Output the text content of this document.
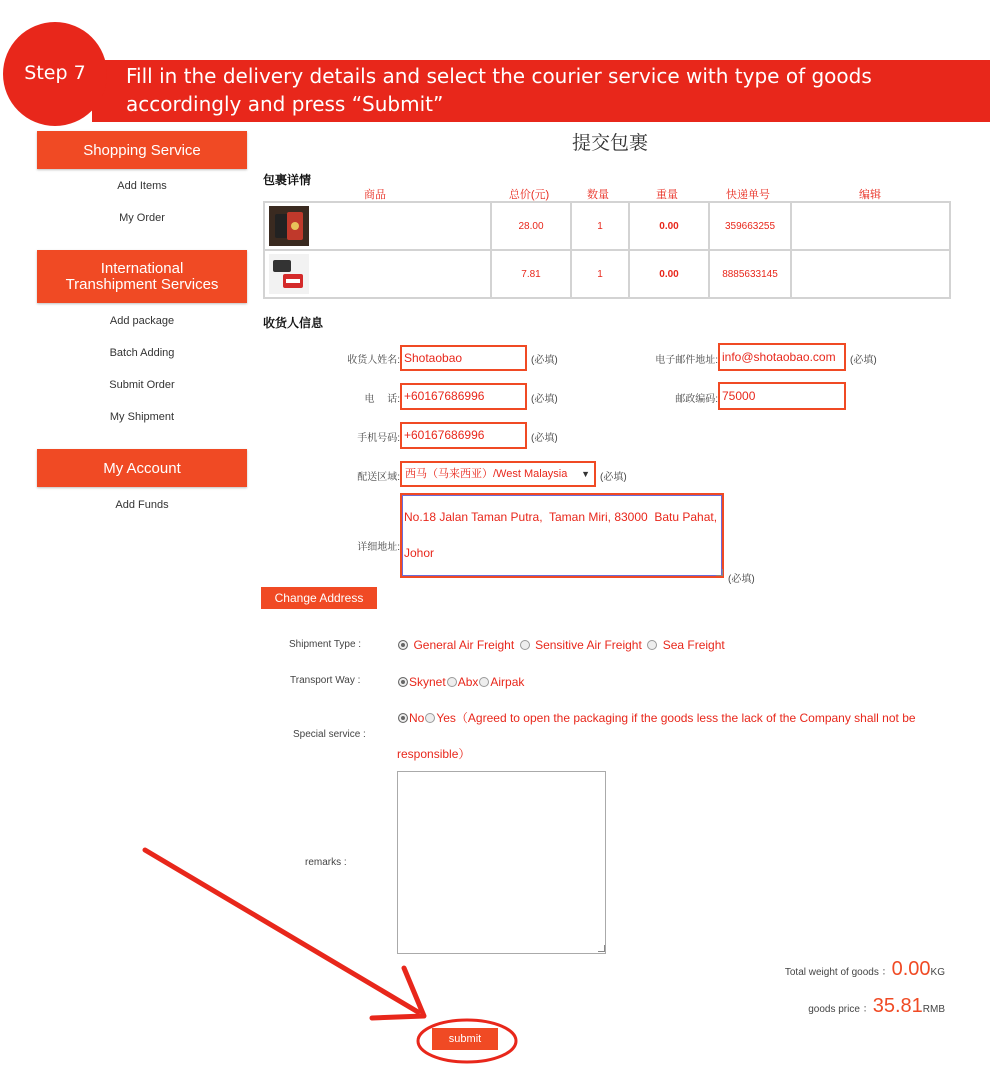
Step 7	Fill in the delivery details and select the courier service with type of goods
accordingly and press “Submit”
Shopping Service
Add Items
My Order
International
Transhipment Services
Add package
Batch Adding
Submit Order
My Shipment
My Account
Add Funds
提交包裹
包裹详情
商品	总价(元)	数量	重量	快递单号	编辑
	28.00	1	0.00	359663255	

	7.81	1	0.00	8885633145	
收货人信息
收货人姓名: Shotaobao	(必填)	电子邮件地址: info@shotaobao.com	(必填)
电　 话: +60167686996	(必填)	邮政编码: 75000
手机号码: +60167686996	(必填)
配送区域: 西马（马来西亚）/West Malaysia ▼ (必填)
详细地址:
No.18 Jalan Taman Putra,  Taman Miri, 83000  Batu Pahat,
Johor
(必填)
Change Address
Shipment Type :	General Air Freight Sensitive Air Freight Sea Freight
Transport Way :	Skynet Abx Airpak
Special service :
No Yes（Agreed to open the packaging if the goods less the lack of the Company shall not be
responsible）
remarks :
Total weight of goods ：0.00KG
goods price ：35.81RMB
submit
